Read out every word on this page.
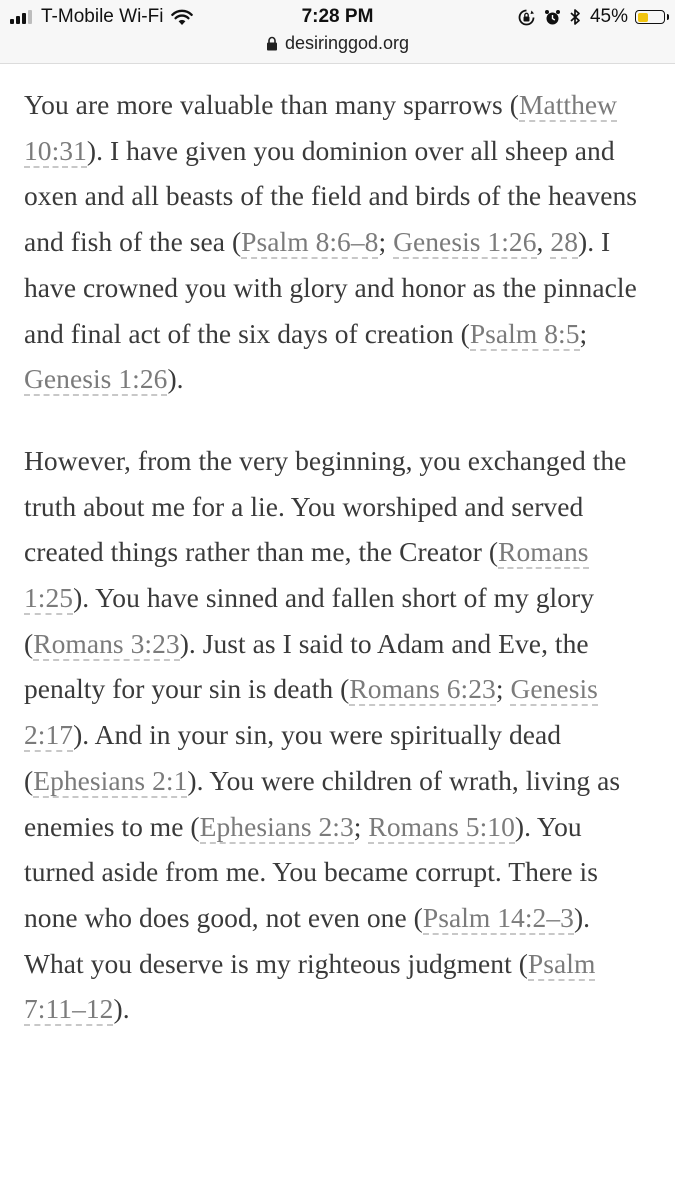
T-Mobile Wi-Fi	7:28 PM	45%
desiringgod.org

You are more valuable than many sparrows (Matthew 10:31). I have given you dominion over all sheep and oxen and all beasts of the field and birds of the heavens and fish of the sea (Psalm 8:6–8; Genesis 1:26, 28). I have crowned you with glory and honor as the pinnacle and final act of the six days of creation (Psalm 8:5; Genesis 1:26).

However, from the very beginning, you exchanged the truth about me for a lie. You worshiped and served created things rather than me, the Creator (Romans 1:25). You have sinned and fallen short of my glory (Romans 3:23). Just as I said to Adam and Eve, the penalty for your sin is death (Romans 6:23; Genesis 2:17). And in your sin, you were spiritually dead (Ephesians 2:1). You were children of wrath, living as enemies to me (Ephesians 2:3; Romans 5:10). You turned aside from me. You became corrupt. There is none who does good, not even one (Psalm 14:2–3). What you deserve is my righteous judgment (Psalm 7:11–12).
